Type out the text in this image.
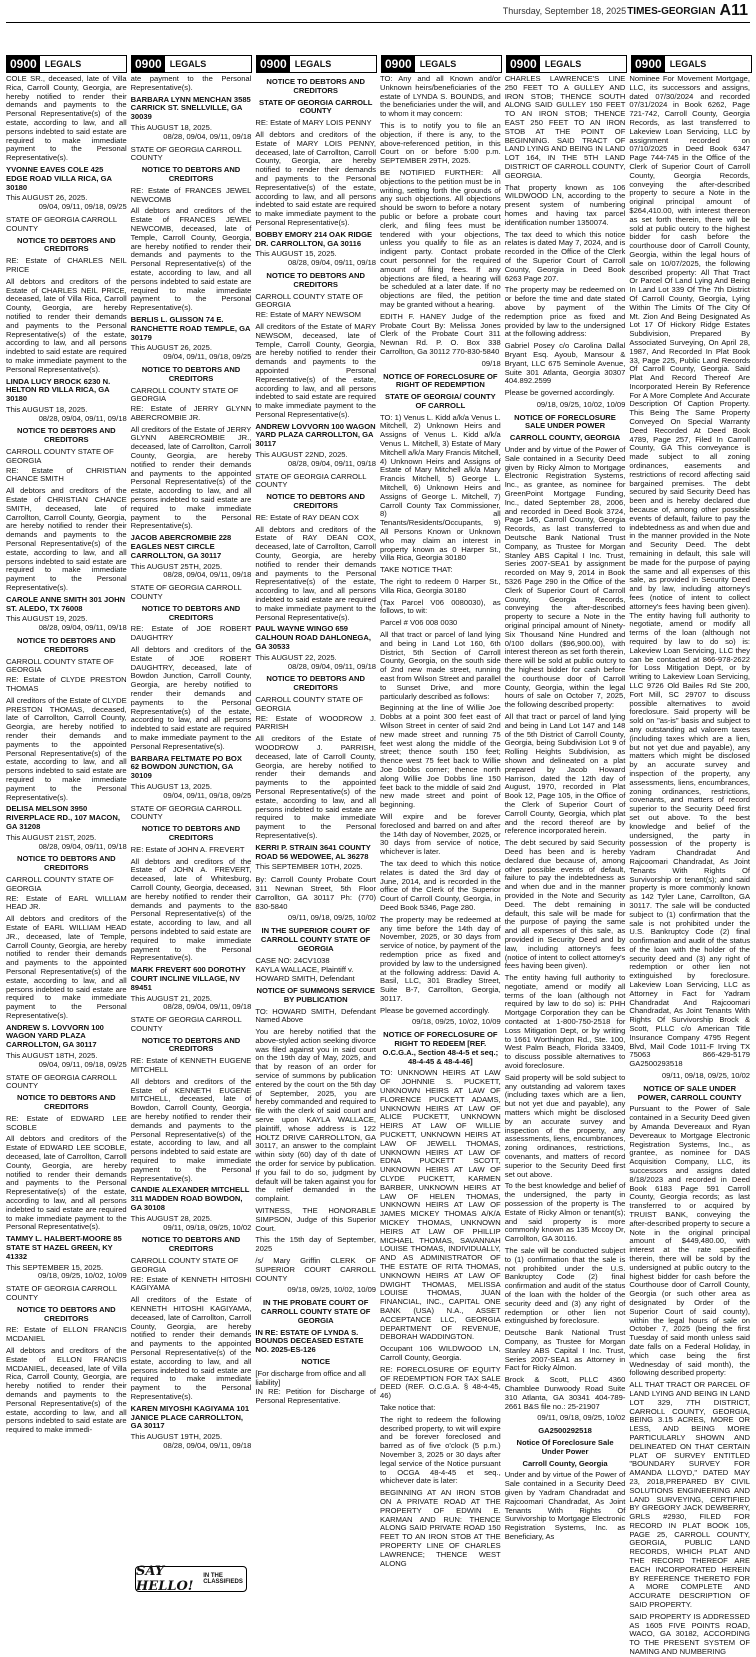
Thursday, September 18, 2025 TIMES-GEORGIAN A11
0900 LEGALS	0900 LEGALS	0900 LEGALS	0900 LEGALS	0900 LEGALS	0900 LEGALS

COLE SR., deceased, late of Villa Rica, Carroll County, Georgia, are hereby notified to render their demands and payments to the Personal Representative(s) of the estate, according to law, and all persons indebted to said estate are required to make immediate payment to the Personal Representative(s).

YVONNE EAVES COLE 425 EDGE ROAD VILLA RICA, GA 30180
This AUGUST 26, 2025.
09/04, 09/11, 09/18, 09/25
STATE OF GEORGIA CARROLL COUNTY
NOTICE TO DEBTORS AND CREDITORS

RE: Estate of CHARLES NEIL PRICE

All debtors and creditors of the Estate of CHARLES NEIL PRICE, deceased, late of Villa Rica, Carroll County, Georgia, are hereby notified to render their demands and payments to the Personal Representative(s) of the estate, according to law, and all persons indebted to said estate are required to make immediate payment to the Personal Representative(s).

LINDA LUCY BROCK 6230 N. HELTON RD VILLA RICA, GA 30180
This AUGUST 18, 2025.
08/28, 09/04, 09/11, 09/18
NOTICE TO DEBTORS AND CREDITORS
CARROLL COUNTY STATE OF GEORGIA

RE: Estate of CHRISTIAN CHANCE SMITH

All debtors and creditors of the Estate of CHRISTIAN CHANCE SMITH, deceased, late of Carrollton, Carroll County, Georgia, are hereby notified to render their demands and payments to the Personal Representative(s) of the estate, according to law, and all persons indebted to said estate are required to make immediate payment to the Personal Representative(s).

CAROLE ANNE SMITH 301 JOHN ST. ALEDO, TX 76008
This AUGUST 19, 2025.
08/28, 09/04, 09/11, 09/18
NOTICE TO DEBTORS AND CREDITORS
CARROLL COUNTY STATE OF GEORGIA

RE: Estate of CLYDE PRESTON THOMAS

All creditors of the Estate of CLYDE PRESTON THOMAS, deceased, late of Carrollton, Carroll County, Georgia, are hereby notified to render their demands and payments to the appointed Personal Representative(s) of the estate, according to law, and all persons indebted to said estate are required to make immediate payment to the Personal Representative(s).

DELISA MELSON 3950 RIVERPLACE RD., 107 MACON, GA 31208
This AUGUST 21ST, 2025.
08/28, 09/04, 09/11, 09/18
NOTICE TO DEBTORS AND CREDITORS
CARROLL COUNTY STATE OF GEORGIA

RE: Estate of EARL WILLIAM HEAD JR.

All debtors and creditors of the Estate of EARL WILLIAM HEAD JR., deceased, late of Temple, Carroll County, Georgia, are hereby notified to render their demands and payments to the appointed Personal Representative(s) of the estate, according to law, and all persons indebted to said estate are required to make immediate payment to the Personal Representative(s).

ANDREW S. LOVVORN 100 WAGON YARD PLAZA CARROLLTON, GA 30117
This AUGUST 18TH, 2025.
09/04, 09/11, 09/18, 09/25
STATE OF GEORGIA CARROLL COUNTY
NOTICE TO DEBTORS AND CREDITORS

RE: Estate of EDWARD LEE SCOBLE

All debtors and creditors of the Estate of EDWARD LEE SCOBLE, deceased, late of Carrollton, Carroll County, Georgia, are hereby notified to render their demands and payments to the Personal Representative(s) of the estate, according to law, and all persons indebted to said estate are required to make immediate payment to the Personal Representative(s).

TAMMY L. HALBERT-MOORE 85 STATE ST HAZEL GREEN, KY 41332
This SEPTEMBER 15, 2025.
09/18, 09/25, 10/02, 10/09
STATE OF GEORGIA CARROLL COUNTY
NOTICE TO DEBTORS AND CREDITORS

RE: Estate of ELLON FRANCIS MCDANIEL

All debtors and creditors of the Estate of ELLON FRANCIS MCDANIEL, deceased, late of Villa Rica, Carroll County, Georgia, are hereby notified to render their demands and payments to the Personal Representative(s) of the estate, according to law, and all persons indebted to said estate are required to make immedi-

ate payment to the Personal Representative(s).

BARBARA LYNN MENCHAN 3585 CARRICK ST. SNELLVILLE, GA 30039
This AUGUST 18, 2025.
08/28, 09/04, 09/11, 09/18
STATE OF GEORGIA CARROLL COUNTY
NOTICE TO DEBTORS AND CREDITORS

RE: Estate of FRANCES JEWEL NEWCOMB

All debtors and creditors of the Estate of FRANCES JEWEL NEWCOMB, deceased, late of Temple, Carroll County, Georgia, are hereby notified to render their demands and payments to the Personal Representative(s) of the estate, according to law, and all persons indebted to said estate are required to make immediate payment to the Personal Representative(s).

BERLIS L. GLISSON 74 E. RANCHETTE ROAD TEMPLE, GA 30179
This AUGUST 26, 2025.
09/04, 09/11, 09/18, 09/25
NOTICE TO DEBTORS AND CREDITORS
CARROLL COUNTY STATE OF GEORGIA

RE: Estate of JERRY GLYNN ABERCROMBIE JR.

All creditors of the Estate of JERRY GLYNN ABERCROMBIE JR., deceased, late of Carrollton, Carroll County, Georgia, are hereby notified to render their demands and payments to the appointed Personal Representative(s) of the estate, according to law, and all persons indebted to said estate are required to make immediate payment to the Personal Representative(s).

JACOB ABERCROMBIE 228 EAGLES NEST CIRCLE CARROLLTON, GA 30117
This AUGUST 25TH, 2025.
08/28, 09/04, 09/11, 09/18
STATE OF GEORGIA CARROLL COUNTY
NOTICE TO DEBTORS AND CREDITORS

RE: Estate of JOE ROBERT DAUGHTRY

All debtors and creditors of the Estate of JOE ROBERT DAUGHTRY, deceased, late of Bowdon Junction, Carroll County, Georgia, are hereby notified to render their demands and payments to the Personal Representative(s) of the estate, according to law, and all persons indebted to said estate are required to make immediate payment to the Personal Representative(s).

BARBARA FELTMATE PO BOX 62 BOWDON JUNCTION, GA 30109
This AUGUST 13, 2025.
09/04, 09/11, 09/18, 09/25
STATE OF GEORGIA CARROLL COUNTY
NOTICE TO DEBTORS AND CREDITORS

RE: Estate of JOHN A. FREVERT

All debtors and creditors of the Estate of JOHN A. FREVERT, deceased, late of Whitesburg, Carroll County, Georgia, deceased, are hereby notified to render their demands and payments to the Personal Representative(s) of the estate, according to law, and all persons indebted to said estate are required to make immediate payment to the Personal Representative(s).

MARK FREVERT 600 DOROTHY COURT INCLINE VILLAGE, NV 89451
This AUGUST 21, 2025.
08/28, 09/04, 09/11, 09/18
STATE OF GEORGIA CARROLL COUNTY
NOTICE TO DEBTORS AND CREDITORS

RE: Estate of KENNETH EUGENE MITCHELL

All debtors and creditors of the Estate of KENNETH EUGENE MITCHELL, deceased, late of Bowdon, Carroll County, Georgia, are hereby notified to render their demands and payments to the Personal Representative(s) of the estate, according to law, and all persons indebted to said estate are required to make immediate payment to the Personal Representative(s).

CANDIE ALEXANDER MITCHELL 311 MADDEN ROAD BOWDON, GA 30108
This AUGUST 28, 2025.
09/11, 09/18, 09/25, 10/02
NOTICE TO DEBTORS AND CREDITORS
CARROLL COUNTY STATE OF GEORGIA

RE: Estate of KENNETH HITOSHI KAGIYAMA

All creditors of the Estate of KENNETH HITOSHI KAGIYAMA, deceased, late of Carrollton, Carroll County, Georgia, are hereby notified to render their demands and payments to the appointed Personal Representative(s) of the estate, according to law, and all persons indebted to said estate are required to make immediate payment to the Personal Representative(s).

KAREN MIYOSHI KAGIYAMA 101 JANICE PLACE CARROLLTON, GA 30117
This AUGUST 19TH, 2025.
08/28, 09/04, 09/11, 09/18
NOTICE TO DEBTORS AND CREDITORS
STATE OF GEORGIA CARROLL COUNTY

RE: Estate of MARY LOIS PENNY

All debtors and creditors of the Estate of MARY LOIS PENNY, deceased, late of Carrollton, Carroll County, Georgia, are hereby notified to render their demands and payments to the Personal Representative(s) of the estate, according to law, and all persons indebted to said estate are required to make immediate payment to the Personal Representative(s).

BOBBY EMORY 214 OAK RIDGE DR. CARROLLTON, GA 30116
This AUGUST 15, 2025.
08/28, 09/04, 09/11, 09/18
NOTICE TO DEBTORS AND CREDITORS
CARROLL COUNTY STATE OF GEORGIA

RE: Estate of MARY NEWSOM

All creditors of the Estate of MARY NEWSOM, deceased, late of Temple, Carroll County, Georgia, are hereby notified to render their demands and payments to the appointed Personal Representative(s) of the estate, according to law, and all persons indebted to said estate are required to make immediate payment to the Personal Representative(s).

ANDREW LOVVORN 100 WAGON YARD PLAZA CARROLLTON, GA 30117
This AUGUST 22ND, 2025.
08/28, 09/04, 09/11, 09/18
STATE OF GEORGIA CARROLL COUNTY
NOTICE TO DEBTORS AND CREDITORS

RE: Estate of RAY DEAN COX

All debtors and creditors of the Estate of RAY DEAN COX, deceased, late of Carrollton, Carroll County, Georgia, are hereby notified to render their demands and payments to the Personal Representative(s) of the estate, according to law, and all persons indebted to said estate are required to make immediate payment to the Personal Representative(s).

PAUL WAYNE WINGO 659 CALHOUN ROAD DAHLONEGA, GA 30533
This AUGUST 22, 2025.
08/28, 09/04, 09/11, 09/18
NOTICE TO DEBTORS AND CREDITORS
CARROLL COUNTY STATE OF GEORGIA

RE: Estate of WOODROW J. PARRISH

All creditors of the Estate of WOODROW J. PARRISH, deceased, late of Carroll County, Georgia, are hereby notified to render their demands and payments to the appointed Personal Representative(s) of the estate, according to law, and all persons indebted to said estate are required to make immediate payment to the Personal Representative(s).

KERRI P. STRAIN 3641 COUNTY ROAD 56 WEDOWEE, AL 36278
This SEPTEMBER 10TH, 2025.

By: Carroll County Probate Court 311 Newnan Street, 5th Floor Carrollton, GA 30117 Ph: (770) 830-5840

09/11, 09/18, 09/25, 10/02
IN THE SUPERIOR COURT OF CARROLL COUNTY STATE OF GEORGIA
CASE NO: 24CV1038
KAYLA WALLACE, Plaintiff v. HOWARD SMITH, Defendant
NOTICE OF SUMMONS SERVICE BY PUBLICATION

TO: HOWARD SMITH, Defendant Named Above

You are hereby notified that the above-styled action seeking divorce was filed against you in said court on the 19th day of May, 2025, and that by reason of an order for service of summons by publication entered by the court on the 5th day of September, 2025, you are hereby commanded and required to file with the clerk of said court and serve upon KAYLA WALLACE, plaintiff, whose address is 122 HOLTZ DRIVE CARROLLTON, GA 30117, an answer to the complaint within sixty (60) day of th date of the order for service by publication. If you fail to do so, judgment by default will be taken against you for the relief demanded in the complaint.

WITNESS, THE HONORABLE SIMPSON, Judge of this Superior Court.

This the 15th day of September, 2025

/s/ Mary Griffin CLERK OF SUPERIOR COURT CARROLL COUNTY

09/18, 09/25, 10/02, 10/09
IN THE PROBATE COURT OF CARROLL COUNTY STATE OF GEORGIA
IN RE: ESTATE OF LYNDA S. BOUNDS DECEASED ESTATE NO. 2025-ES-126
NOTICE
[For discharge from office and all liability]

IN RE: Petition for Discharge of Personal Representative.

TO: Any and all Known and/or Unknown heirs/beneficiaries of the estate of LYNDA S. BOUNDS, and the beneficiaries under the will, and to whom it may concern:

This is to notify you to file an objection, if there is any, to the above-referenced petition, in this Court on or before 5:00 p.m. SEPTEMBER 29TH, 2025.

BE NOTIFIED FURTHER: All objections to the petition must be in writing, setting forth the grounds of any such objections. All objections should be sworn to before a notary public or before a probate court clerk, and filing fees must be tendered with your objections, unless you qualify to file as an indigent party. Contact probate court personnel for the required amount of filing fees. If any objections are filed, a hearing will be scheduled at a later date. If no objections are filed, the petition may be granted without a hearing.

EDITH F. HANEY Judge of the Probate Court By: Melissa Jones Clerk of the Probate Court 311 Newnan Rd. P. O. Box 338 Carrollton, Ga 30112 770-830-5840

09/18
NOTICE OF FORECLOSURE OF RIGHT OF REDEMPTION
STATE OF GEORGIA/ COUNTY OF CARROLL

TO: 1) Venus L. Kidd a/k/a Venus L. Mitchell, 2) Unknown Heirs and Assigns of Venus L. Kidd a/k/a Venus L. Mitchell, 3) Estate of Mary Mitchell a/k/a Mary Francis Mitchell, 4) Unknown Heirs and Assigns of Estate of Mary Mitchell a/k/a Mary Francis Mitchell, 5) George L. Mitchell, 6) Unknown Heirs and Assigns of George L. Mitchell, 7) Carroll County Tax Commissioner, 8) all Tenants/Residents/Occupants, 9) All Persons Known or Unknown who may claim an interest in property known as 0 Harper St., Villa Rica, Georgia 30180

TAKE NOTICE THAT:

The right to redeem 0 Harper St., Villa Rica, Georgia 30180

(Tax Parcel V06 0080030), as follows, to wit:

Parcel # V06 008 0030

All that tract or parcel of land lying and being in Land Lot 160, 6th District, 5th Section of Carroll County, Georgia, on the south side of 2nd new made street, running east from Wilson Street and parallel to Sunset Drive, and more particularly described as follows:

Beginning at the line of Willie Joe Dobbs at a point 300 feet east of Wilson Street in center of said 2nd new made street and running 75 feet west along the middle of the street; thence south 150 feet; thence west 75 feet back to Willie Joe Dobbs corner; thence north along Willie Joe Dobbs line 150 feet back to the middle of said 2nd new made street and point of beginning.

Will expire and be forever foreclosed and barred on and after the 14th day of November, 2025, or 30 days from service of notice, whichever is later.

The tax deed to which this notice relates is dated the 3rd day of June, 2014, and is recorded in the office of the Clerk of the Superior Court of Carroll County, Georgia, in Deed Book 5346, Page 280.

The property may be redeemed at any time before the 14th day of November, 2025, or 30 days from service of notice, by payment of the redemption price as fixed and provided by law to the undersigned at the following address: David A. Basil, LLC, 301 Bradley Street, Suite B-7, Carrollton, Georgia, 30117.

Please be governed accordingly.

09/18, 09/25, 10/02, 10/09
NOTICE OF FORECLOSURE OF RIGHT TO REDEEM [REF. O.C.G.A., Section 48-4-5 et seq.; 48-4-45 & 48-4-46]

TO: UNKNOWN HEIRS AT LAW OF JOHNNIE S. PUCKETT, UNKNOWN HEIRS AT LAW OF FLORENCE PUCKETT ADAMS, UNKNOWN HEIRS AT LAW OF ALICE PUCKETT, UNKNOWN HEIRS AT LAW OF WILLIE PUCKETT, UNKNOWN HEIRS AT LAW OF JEWELL THOMAS, UNKNOWN HEIRS AT LAW OF EDNA PUCKETT SCOTT, UNKNOWN HEIRS AT LAW OF CLYDE PUCKETT, KARMEN BARBER, UNKNOWN HEIRS AT LAW OF HELEN THOMAS, UNKNOWN HEIRS AT LAW OF JAMES MICKEY THOMAS A/K/A MICKEY THOMAS, UNKNOWN HEIRS AT LAW OF PHILLIP MICHAEL THOMAS, SAVANNAH LOUISE THOMAS, INDIVIDUALLY, AND AS ADMINISTRATOR OF THE ESTATE OF RITA THOMAS, UNKNOWN HEIRS AT LAW OF DWIGHT THOMAS, MELISSA LOUISE THOMAS, JUAN FINANCIAL, INC., CAPITAL ONE BANK (USA) N.A., ASSET ACCEPTANCE LLC, GEORGIA DEPARTMENT OF REVENUE, DEBORAH WADDINGTON.

Occupant 106 WILDWOOD LN, Carroll County, Georgia.

RE: FORECLOSURE OF EQUITY OF REDEMPTION FOR TAX SALE DEED (REF. O.C.G.A. § 48-4-45, 46)

Take notice that:

The right to redeem the following described property, to wit will expire and be forever foreclosed and barred as of five o'clock (5 p.m.) November 3, 2025 or 30 days after legal service of the Notice pursuant to OCGA 48-4-45 et seq., whichever date is later:

BEGINNING AT AN IRON STOB ON A PRIVATE ROAD AT THE PROPERTY OF EDWIN E. KARMAN AND RUN: THENCE ALONG SAID PRIVATE ROAD 150 FEET TO AN IRON STOB AT THE PROPERTY LINE OF CHARLES LAWRENCE; THENCE WEST ALONG

CHARLES LAWRENCE'S LINE 250 FEET TO A GULLEY AND IRON STOB; THENCE SOUTH ALONG SAID GULLEY 150 FEET TO AN IRON STOB; THENCE EAST 250 FEET TO AN IRON STOB AT THE POINT OF BEGINNING. SAID TRACT OF LAND LYING AND BEING IN LAND LOT 164, IN THE 5TH LAND DISTRICT OF CARROLL COUNTY, GEORGIA.

That property known as 106 WILDWOOD LN, according to the present system of numbering homes and having tax parcel identification number 1350074.

The tax deed to which this notice relates is dated May 7, 2024, and is recorded in the Office of the Clerk of the Superior Court of Carroll County, Georgia in Deed Book 6263 Page 207.

The property may be redeemed on or before the time and date stated above by payment of the redemption price as fixed and provided by law to the undersigned at the following address:

Gabriel Posey c/o Carolina Dallal Bryant Esq. Ayoub, Mansour & Bryant, LLC 675 Seminole Avenue, Suite 301 Atlanta, Georgia 30307 404.892.2599

Please be governed accordingly.

09/18, 09/25, 10/02, 10/09
NOTICE OF FORECLOSURE SALE UNDER POWER
CARROLL COUNTY, GEORGIA

Under and by virtue of the Power of Sale contained in a Security Deed given by Ricky Almon to Mortgage Electronic Registration Systems, Inc., as grantee, as nominee for GreenPoint Mortgage Funding, Inc., dated September 28, 2006, and recorded in Deed Book 3724, Page 145, Carroll County, Georgia Records, as last transferred to Deutsche Bank National Trust Company, as Trustee for Morgan Stanley ABS Capital I Inc. Trust, Series 2007-SEA1 by assignment recorded on May 9, 2014 in Book 5326 Page 290 in the Office of the Clerk of Superior Court of Carroll County, Georgia Records, conveying the after-described property to secure a Note in the original principal amount of Ninety-Six Thousand Nine Hundred and 0/100 dollars ($96,900.00), with interest thereon as set forth therein, there will be sold at public outcry to the highest bidder for cash before the courthouse door of Carroll County, Georgia, within the legal hours of sale on October 7, 2025, the following described property:

All that tract or parcel of land lying and being in Land Lot 147 and 148 of the 5th District of Carroll County, Georgia, being Subdivision Lot 9 of Rolling Heights Subdivision, as shown and delineated on a plat prepared by Jacob Howard Harrison, dated the 12th day of August, 1970, recorded in Plat Book 12, Page 105, in the Office of the Clerk of Superior Court of Carroll County, Georgia, which plat and the record thereof are by reference incorporated herein.

The debt secured by said Security Deed has been and is hereby declared due because of, among other possible events of default, failure to pay the indebtedness as and when due and in the manner provided in the Note and Security Deed. The debt remaining in default, this sale will be made for the purpose of paying the same and all expenses of this sale, as provided in Security Deed and by law, including attorney's fees (notice of intent to collect attorney's fees having been given).

The entity having full authority to negotiate, amend or modify all terms of the loan (although not required by law to do so) is: PHH Mortgage Corporation they can be contacted at 1-800-750-2518 for Loss Mitigation Dept, or by writing to 1661 Worthington Rd., Ste. 100, West Palm Beach, Florida 33409, to discuss possible alternatives to avoid foreclosure.

Said property will be sold subject to any outstanding ad valorem taxes (including taxes which are a lien, but not yet due and payable), any matters which might be disclosed by an accurate survey and inspection of the property, any assessments, liens, encumbrances, zoning ordinances, restrictions, covenants, and matters of record superior to the Security Deed first set out above.

To the best knowledge and belief of the undersigned, the party in possession of the property is The Estate of Ricky Almon or tenant(s); and said property is more commonly known as 135 Mccoy Dr, Carrollton, GA 30116.

The sale will be conducted subject to (1) confirmation that the sale is not prohibited under the U.S. Bankruptcy Code (2) final confirmation and audit of the status of the loan with the holder of the security deed and (3) any right of redemption or other lien not extinguished by foreclosure.

Deutsche Bank National Trust Company, as Trustee for Morgan Stanley ABS Capital I Inc. Trust, Series 2007-SEA1 as Attorney in Fact for Ricky Almon.

Brock & Scott, PLLC 4360 Chamblee Dunwoody Road Suite 310 Atlanta, GA 30341 404-789-2661 B&S file no.: 25-21907

09/11, 09/18, 09/25, 10/02
GA2500292518
Notice Of Foreclosure Sale Under Power
Carroll County, Georgia

Under and by virtue of the Power of Sale contained in a Security Deed given by Yadram Chandradat and Rajcoomari Chandradat, As Joint Tenants With Rights Of Survivorship to Mortgage Electronic Registration Systems, Inc. as Beneficiary, As

Nominee For Movement Mortgage, LLC, its successors and assigns, dated 07/30/2024 and recorded 07/31/2024 in Book 6262, Page 721-742, Carroll County, Georgia Records, as last transferred to Lakeview Loan Servicing, LLC by assignment recorded on 07/10/2025 in Deed Book 6347 Page 744-745 in the Office of the Clerk of Superior Court of Carroll County, Georgia Records, conveying the after-described property to secure a Note in the original principal amount of $264,410.00, with interest thereon as set forth therein, there will be sold at public outcry to the highest bidder for cash before the courthouse door of Carroll County, Georgia, within the legal hours of sale on 10/07/2025, the following described property: All That Tract Or Parcel Of Land Lying And Being In Land Lot 339 Of The 7th District Of Carroll County, Georgia, Lying Within The Limits Of The City Of Mt. Zion And Being Designated As Lot 17 Of Hickory Ridge Estates Subdivision, Prepared By Associated Surveying, On April 28, 1987, And Recorded In Plat Book 33, Page 225, Public Land Records Of Carroll County, Georgia. Said Plat And Record Thereof Are Incorporated Herein By Reference For A More Complete And Accurate Description Of Caption Property. This Being The Same Property Conveyed On Special Warranty Deed Recorded At Deed Book 4789, Page 257, Filed In Carroll County, GA This conveyance is made subject to all zoning ordinances, easements and restrictions of record affecting said bargained premises. The debt secured by said Security Deed has been and is hereby declared due because of, among other possible events of default, failure to pay the indebtedness as and when due and in the manner provided in the Note and Security Deed. The debt remaining in default, this sale will be made for the purpose of paying the same and all expenses of this sale, as provided in Security Deed and by law, including attorney's fees (notice of intent to collect attorney's fees having been given). The entity having full authority to negotiate, amend or modify all terms of the loan (although not required by law to do so) is: Lakeview Loan Servicing, LLC they can be contacted at 866-978-2622 for Loss Mitigation Dept, or by writing to Lakeview Loan Servicing, LLC 9726 Old Bailes Rd Ste 200, Fort Mill, SC 29707 to discuss possible alternatives to avoid foreclosure. Said property will be sold on "as-is" basis and subject to any outstanding ad valorem taxes (including taxes which are a lien, but not yet due and payable), any matters which might be disclosed by an accurate survey and inspection of the property, any assessments, liens, encumbrances, zoning ordinances, restrictions, covenants, and matters of record superior to the Security Deed first set out above. To the best knowledge and belief of the undersigned, the party in possession of the property is Yadram Chandradat And Rajcoomari Chandradat, As Joint Tenants With Rights Of Survivorship or tenant(s); and said property is more commonly known as 142 Tyler Lane, Carrollton, GA 30117. The sale will be conducted subject to (1) confirmation that the sale is not prohibited under the U.S. Bankruptcy Code (2) final confirmation and audit of the status of the loan with the holder of the security deed and (3) any right of redemption or other lien not extinguished by foreclosure. Lakeview Loan Servicing, LLC as Attorney in Fact for Yadram Chandradat And Rajcoomari Chandradat, As Joint Tenants With Rights Of Survivorship Brock & Scott, PLLC c/o American Title Insurance Company 4795 Regent Blvd, Mail Code 1011-F Irving TX 75063 866-429-5179 GA2500293518

09/11, 09/18, 09/25, 10/02
NOTICE OF SALE UNDER POWER, CARROLL COUNTY

Pursuant to the Power of Sale contained in a Security Deed given by Amanda Devereaux and Ryan Devereaux to Mortgage Electronic Registration Systems, Inc., as grantee, as nominee for DAS Acquisition Company, LLC, its successors and assigns dated 8/18/2023 and recorded in Deed Book 6183 Page 591 Carroll County, Georgia records; as last transferred to or acquired by TRUIST BANK, conveying the after-described property to secure a Note in the original principal amount of $449,480.00, with interest at the rate specified therein, there will be sold by the undersigned at public outcry to the highest bidder for cash before the Courthouse door of Carroll County, Georgia (or such other area as designated by Order of the Superior Court of said county), within the legal hours of sale on October 7, 2025 (being the first Tuesday of said month unless said date falls on a Federal Holiday, in which case being the first Wednesday of said month), the following described property:

ALL THAT TRACT OR PARCEL OF LAND LYING AND BEING IN LAND LOT 329, 7TH DISTRICT, CARROLL COUNTY, GEORGIA, BEING 3.15 ACRES, MORE OR LESS, AND BEING MORE PARTICULARLY SHOWN AND DELINEATED ON THAT CERTAIN PLAT OF SURVEY ENTITLED "BOUNDARY SURVEY FOR AMANDA LLOYD," DATED MAY 23, 2018,PREPARED BY CIVIL SOLUTIONS ENGINEERING AND LAND SURVEYING, CERTIFIED BY GREGORY JACK DEWBERRY, GRLS #2930, FILED FOR RECORD IN PLAT BOOK 105, PAGE 25, CARROLL COUNTY, GEORGIA, PUBLIC LAND RECORDS, WHICH PLAT AND THE RECORD THEREOF ARE EACH INCORPORATED HEREIN BY REFERENCE THERETO FOR A MORE COMPLETE AND ACCURATE DESCRIPTION OF SAID PROPERTY.

SAID PROPERTY IS ADDRESSED AS 1605 FIVE POINTS ROAD, WACO, GA 30182, ACCORDING TO THE PRESENT SYSTEM OF NAMING AND NUMBERING

SAY HELLO!
IN THE CLASSIFIEDS
